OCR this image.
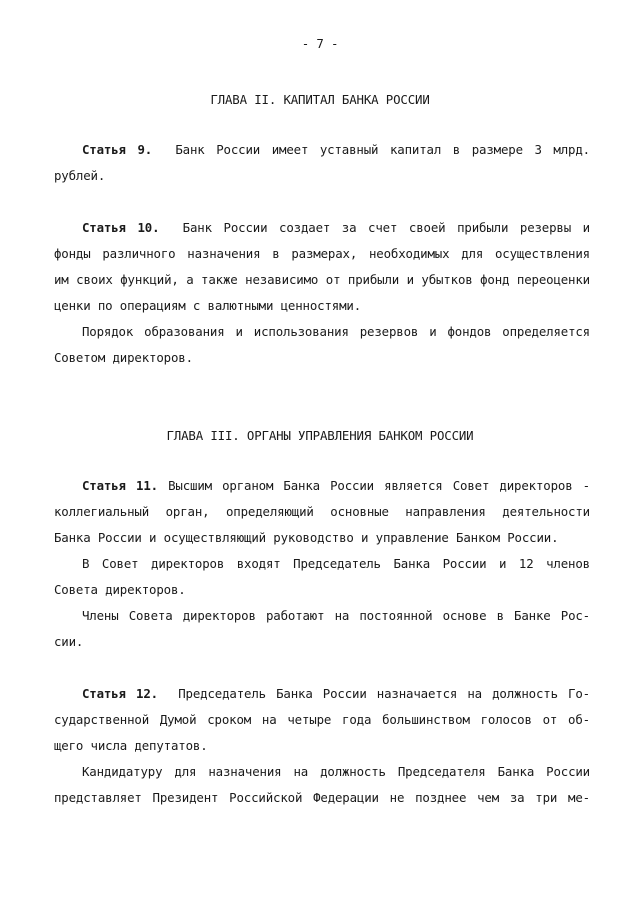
- 7 -
ГЛАВА II. КАПИТАЛ БАНКА РОССИИ
Статья 9. Банк России имеет уставный капитал в размере 3 млрд.
рублей.
Статья 10. Банк России создает за счет своей прибыли резервы и
фонды различного назначения в размерах, необходимых для осуществления
им своих функций, а также независимо от прибыли и убытков фонд переоценки
ценки по операциям с валютными ценностями.
Порядок образования и использования резервов и фондов определяется
Советом директоров.
ГЛАВА III. ОРГАНЫ УПРАВЛЕНИЯ БАНКОМ РОССИИ
Статья 11. Высшим органом Банка России является Совет директоров -
коллегиальный орган, определяющий основные направления деятельности
Банка России и осуществляющий руководство и управление Банком России.
В Совет директоров входят Председатель Банка России и 12 членов
Совета директоров.
Члены Совета директоров работают на постоянной основе в Банке Рос-
сии.
Статья 12. Председатель Банка России назначается на должность Го-
сударственной Думой сроком на четыре года большинством голосов от об-
щего числа депутатов.
Кандидатуру для назначения на должность Председателя Банка России
представляет Президент Российской Федерации не позднее чем за три ме-
